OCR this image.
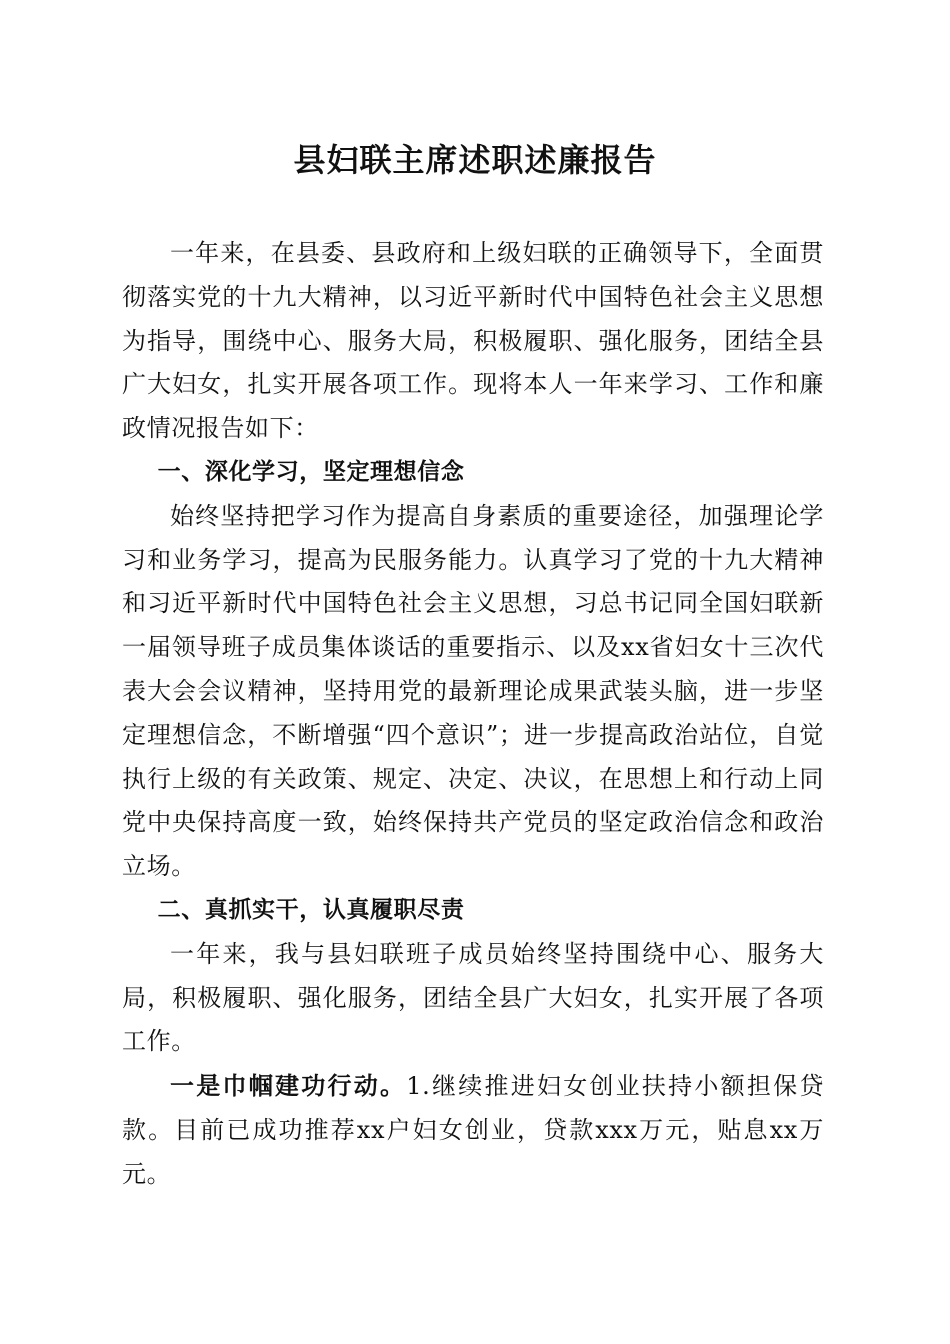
县妇联主席述职述廉报告

一年来，在县委、县政府和上级妇联的正确领导下，全面贯彻落实党的十九大精神，以习近平新时代中国特色社会主义思想为指导，围绕中心、服务大局，积极履职、强化服务，团结全县广大妇女，扎实开展各项工作。现将本人一年来学习、工作和廉政情况报告如下：

一、深化学习，坚定理想信念

始终坚持把学习作为提高自身素质的重要途径，加强理论学习和业务学习，提高为民服务能力。认真学习了党的十九大精神和习近平新时代中国特色社会主义思想，习总书记同全国妇联新一届领导班子成员集体谈话的重要指示、以及xx省妇女十三次代表大会会议精神，坚持用党的最新理论成果武装头脑，进一步坚定理想信念，不断增强“四个意识”；进一步提高政治站位，自觉执行上级的有关政策、规定、决定、决议，在思想上和行动上同党中央保持高度一致，始终保持共产党员的坚定政治信念和政治立场。

二、真抓实干，认真履职尽责

一年来，我与县妇联班子成员始终坚持围绕中心、服务大局，积极履职、强化服务，团结全县广大妇女，扎实开展了各项工作。

一是巾帼建功行动。1.继续推进妇女创业扶持小额担保贷款。目前已成功推荐xx户妇女创业，贷款xxx万元，贴息xx万元。
